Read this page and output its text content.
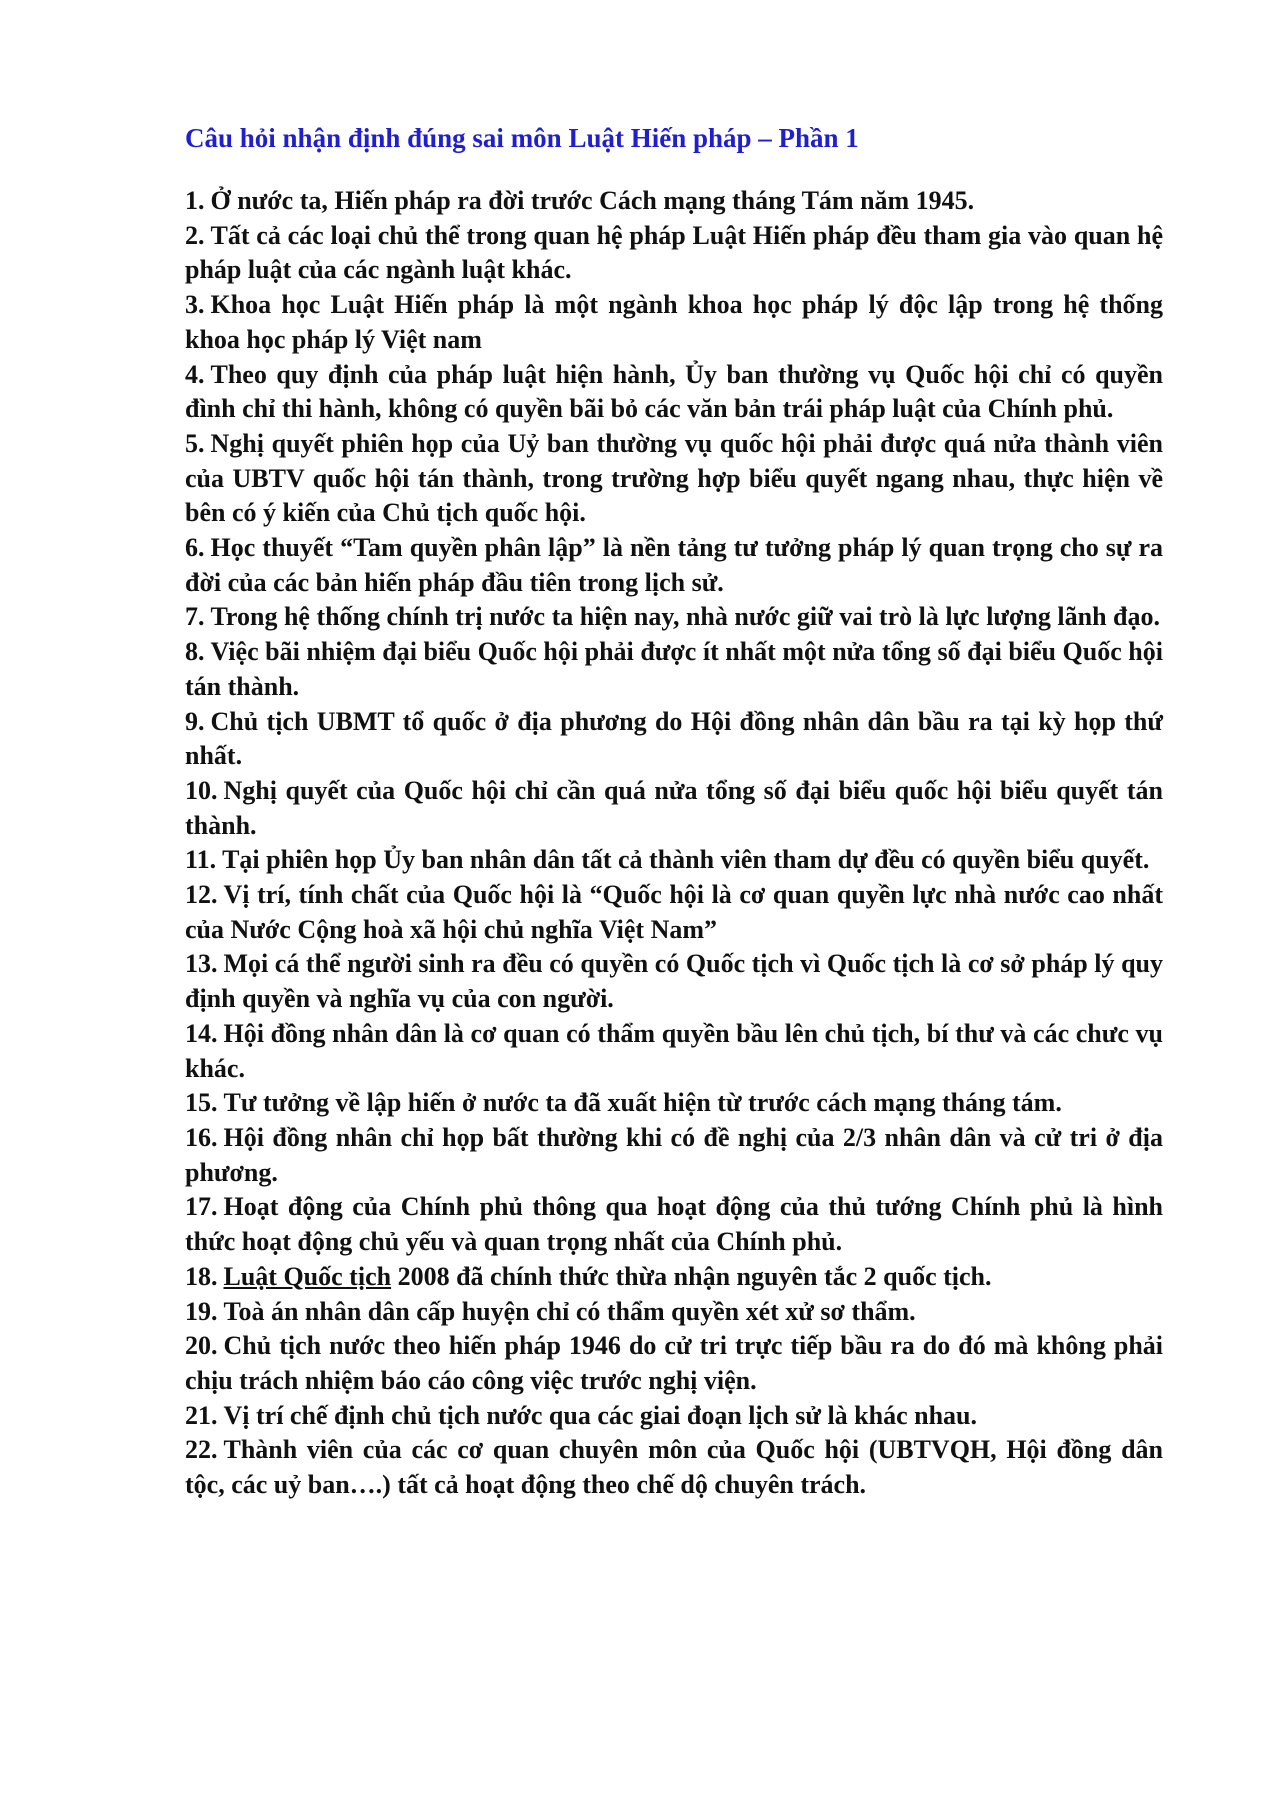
Câu hỏi nhận định đúng sai môn Luật Hiến pháp – Phần 1
1. Ở nước ta, Hiến pháp ra đời trước Cách mạng tháng Tám năm 1945.
2. Tất cả các loại chủ thể trong quan hệ pháp Luật Hiến pháp đều tham gia vào quan hệ pháp luật của các ngành luật khác.
3. Khoa học Luật Hiến pháp là một ngành khoa học pháp lý độc lập trong hệ thống khoa học pháp lý Việt nam
4. Theo quy định của pháp luật hiện hành, Ủy ban thường vụ Quốc hội chỉ có quyền đình chỉ thi hành, không có quyền bãi bỏ các văn bản trái pháp luật của Chính phủ.
5. Nghị quyết phiên họp của Uỷ ban thường vụ quốc hội phải được quá nửa thành viên của UBTV quốc hội tán thành, trong trường hợp biểu quyết ngang nhau, thực hiện về bên có ý kiến của Chủ tịch quốc hội.
6. Học thuyết “Tam quyền phân lập” là nền tảng tư tưởng pháp lý quan trọng cho sự ra đời của các bản hiến pháp đầu tiên trong lịch sử.
7. Trong hệ thống chính trị nước ta hiện nay, nhà nước giữ vai trò là lực lượng lãnh đạo.
8. Việc bãi nhiệm đại biểu Quốc hội phải được ít nhất một nửa tổng số đại biểu Quốc hội tán thành.
9. Chủ tịch UBMT tổ quốc ở địa phương do Hội đồng nhân dân bầu ra tại kỳ họp thứ nhất.
10. Nghị quyết của Quốc hội chỉ cần quá nửa tổng số đại biểu quốc hội biểu quyết tán thành.
11. Tại phiên họp Ủy ban nhân dân tất cả thành viên tham dự đều có quyền biểu quyết.
12. Vị trí, tính chất của Quốc hội là “Quốc hội là cơ quan quyền lực nhà nước cao nhất của Nước Cộng hoà xã hội chủ nghĩa Việt Nam”
13. Mọi cá thể người sinh ra đều có quyền có Quốc tịch vì Quốc tịch là cơ sở pháp lý quy định quyền và nghĩa vụ của con người.
14. Hội đồng nhân dân là cơ quan có thẩm quyền bầu lên chủ tịch, bí thư và các chưc vụ khác.
15. Tư tưởng về lập hiến ở nước ta đã xuất hiện từ trước cách mạng tháng tám.
16. Hội đồng nhân chỉ họp bất thường khi có đề nghị của 2/3 nhân dân và cử tri ở địa phương.
17. Hoạt động của Chính phủ thông qua hoạt động của thủ tướng Chính phủ là hình thức hoạt động chủ yếu và quan trọng nhất của Chính phủ.
18. Luật Quốc tịch 2008 đã chính thức thừa nhận nguyên tắc 2 quốc tịch.
19. Toà án nhân dân cấp huyện chỉ có thẩm quyền xét xử sơ thẩm.
20. Chủ tịch nước theo hiến pháp 1946 do cử tri trực tiếp bầu ra do đó mà không phải chịu trách nhiệm báo cáo công việc trước nghị viện.
21. Vị trí chế định chủ tịch nước qua các giai đoạn lịch sử là khác nhau.
22. Thành viên của các cơ quan chuyên môn của Quốc hội (UBTVQH, Hội đồng dân tộc, các uỷ ban….) tất cả hoạt động theo chế dộ chuyên trách.
